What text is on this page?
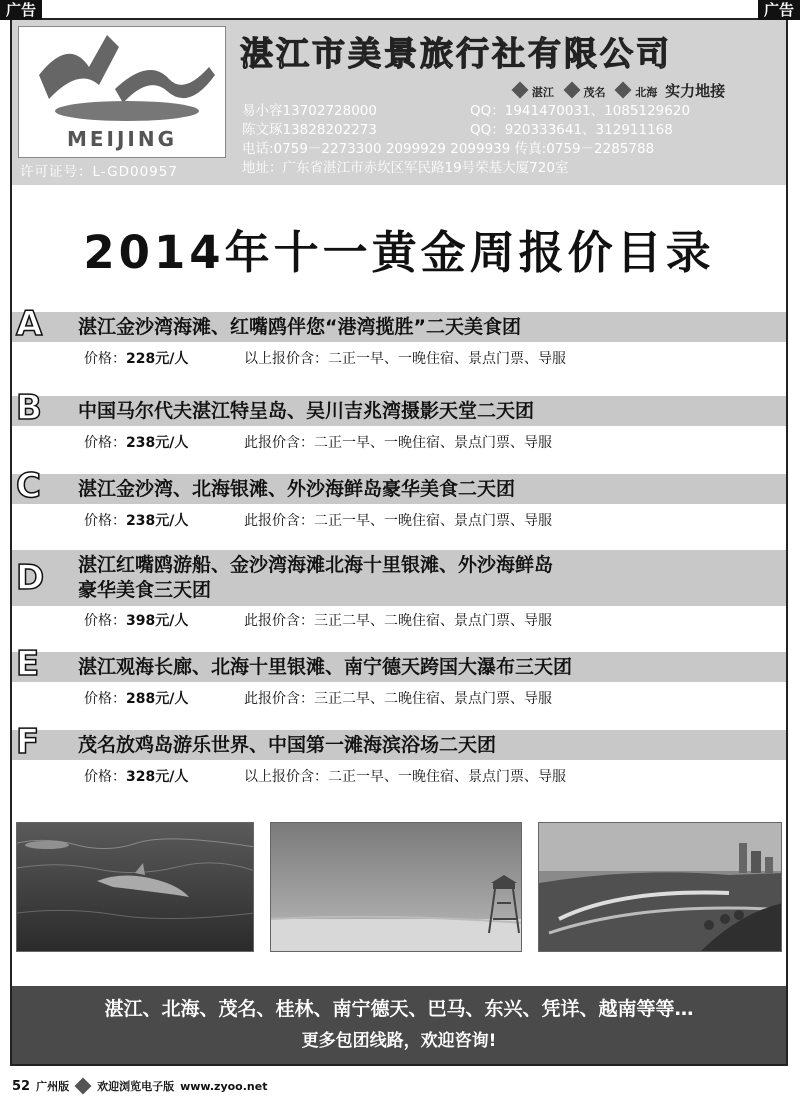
广告	广告
MEIJING
许可证号：L-GD00957
湛江市美景旅行社有限公司
湛江	茂名	北海 实力地接
易小容13702728000	QQ：1941470031、1085129620
陈文琢13828202273	QQ：920333641、312911168
电话:0759－2273300 2099929 2099939 传真:0759－2285788
地址：广东省湛江市赤坎区军民路19号荣基大厦720室
2014年十一黄金周报价目录
A 湛江金沙湾海滩、红嘴鸥伴您“港湾揽胜”二天美食团
价格：228元/人	以上报价含：二正一早、一晚住宿、景点门票、导服
B 中国马尔代夫湛江特呈岛、吴川吉兆湾摄影天堂二天团
价格：238元/人	此报价含：二正一早、一晚住宿、景点门票、导服
C 湛江金沙湾、北海银滩、外沙海鲜岛豪华美食二天团
价格：238元/人	此报价含：二正一早、一晚住宿、景点门票、导服
D 湛江红嘴鸥游船、金沙湾海滩北海十里银滩、外沙海鲜岛
豪华美食三天团
价格：398元/人	此报价含：三正二早、二晚住宿、景点门票、导服
E 湛江观海长廊、北海十里银滩、南宁德天跨国大瀑布三天团
价格：288元/人	此报价含：三正二早、二晚住宿、景点门票、导服
F 茂名放鸡岛游乐世界、中国第一滩海滨浴场二天团
价格：328元/人	以上报价含：二正一早、一晚住宿、景点门票、导服
湛江、北海、茂名、桂林、南宁德天、巴马、东兴、凭详、越南等等…
更多包团线路，欢迎咨询!
52 广州版	欢迎浏览电子版 www.zyoo.net
